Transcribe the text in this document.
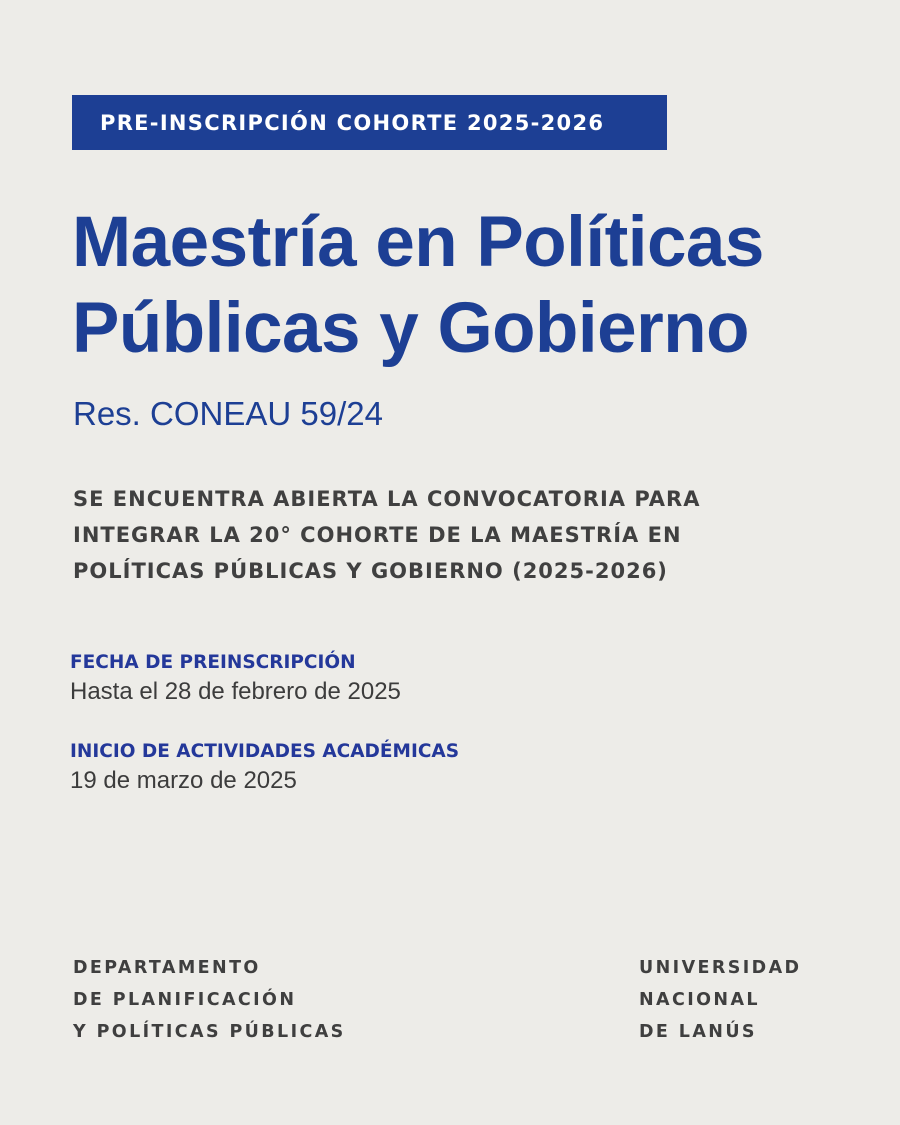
PRE-INSCRIPCIÓN COHORTE 2025-2026
Maestría en Políticas
Públicas y Gobierno
Res. CONEAU 59/24
SE ENCUENTRA ABIERTA LA CONVOCATORIA PARA
INTEGRAR LA 20° COHORTE DE LA MAESTRÍA EN
POLÍTICAS PÚBLICAS Y GOBIERNO (2025-2026)
FECHA DE PREINSCRIPCIÓN
Hasta el 28 de febrero de 2025
INICIO DE ACTIVIDADES ACADÉMICAS
19 de marzo de 2025
DEPARTAMENTO
DE PLANIFICACIÓN
Y POLÍTICAS PÚBLICAS
UNIVERSIDAD
NACIONAL
DE LANÚS
